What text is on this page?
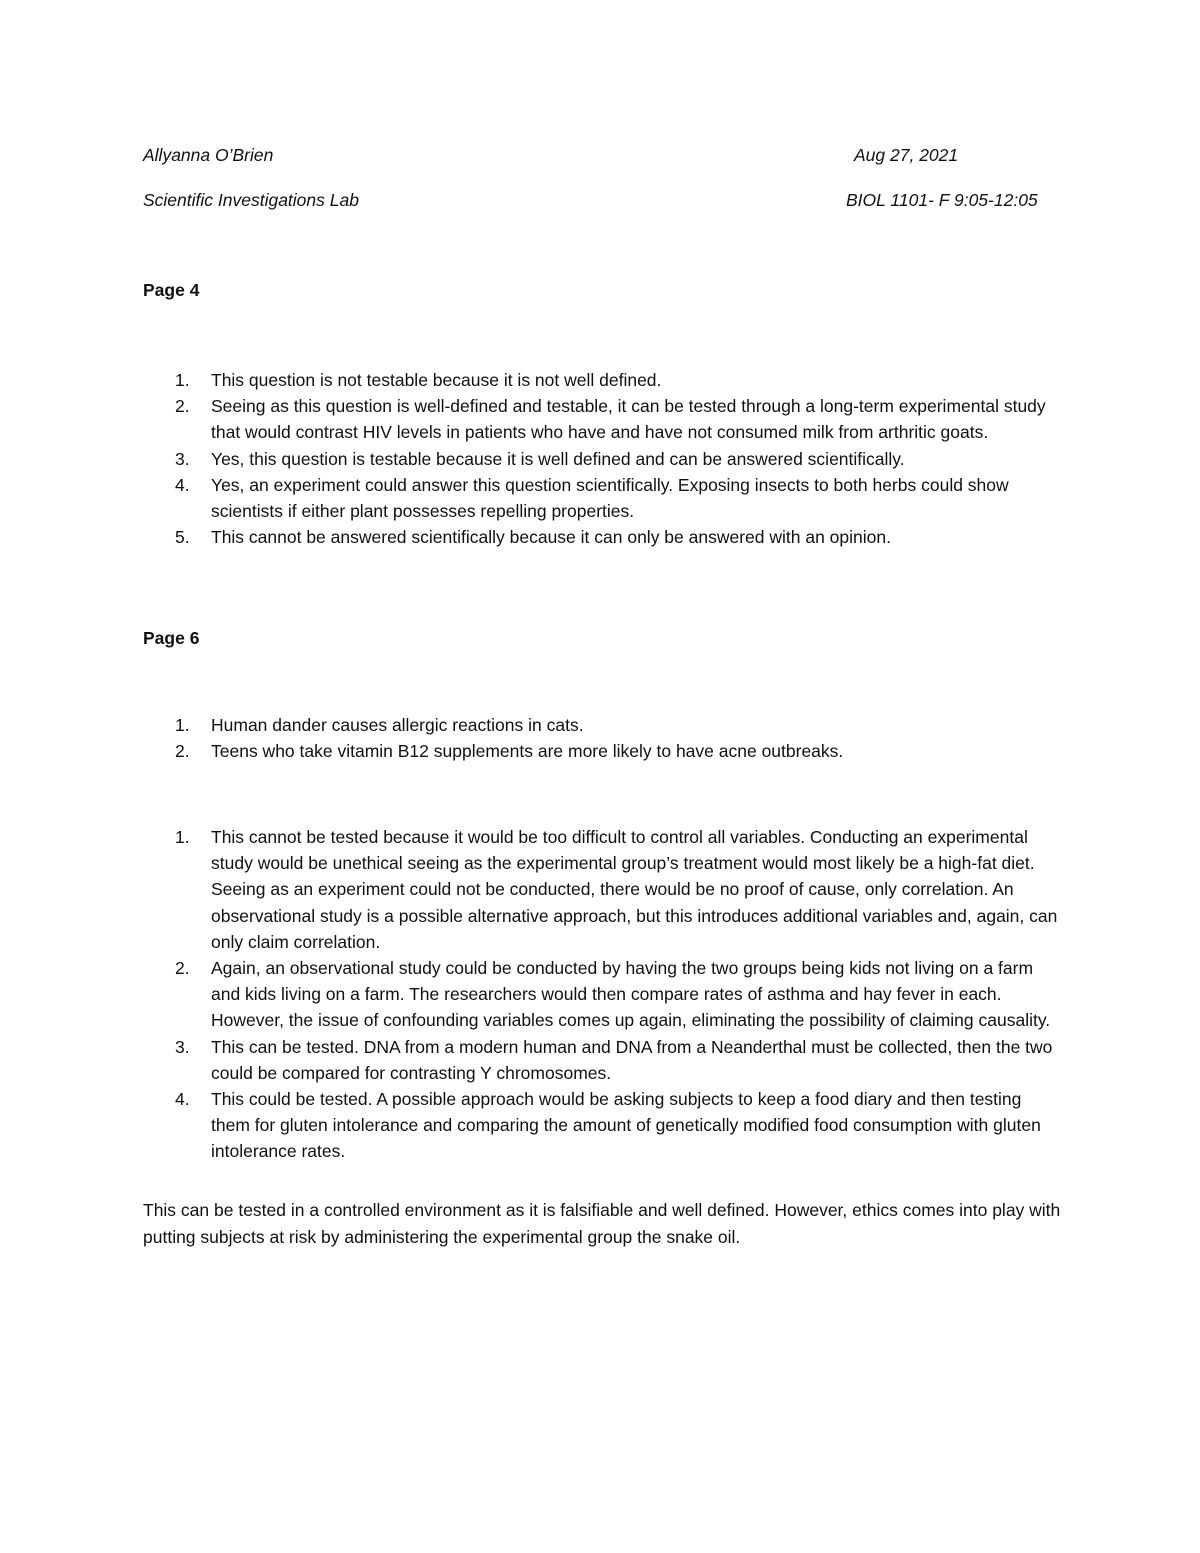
Allyanna O’Brien	Aug 27, 2021
Scientific Investigations Lab	BIOL 1101- F 9:05-12:05
Page 4
1. This question is not testable because it is not well defined.
2. Seeing as this question is well-defined and testable, it can be tested through a long-term experimental study that would contrast HIV levels in patients who have and have not consumed milk from arthritic goats.
3. Yes, this question is testable because it is well defined and can be answered scientifically.
4. Yes, an experiment could answer this question scientifically. Exposing insects to both herbs could show scientists if either plant possesses repelling properties.
5. This cannot be answered scientifically because it can only be answered with an opinion.
Page 6
1. Human dander causes allergic reactions in cats.
2. Teens who take vitamin B12 supplements are more likely to have acne outbreaks.
1. This cannot be tested because it would be too difficult to control all variables. Conducting an experimental study would be unethical seeing as the experimental group’s treatment would most likely be a high-fat diet. Seeing as an experiment could not be conducted, there would be no proof of cause, only correlation. An observational study is a possible alternative approach, but this introduces additional variables and, again, can only claim correlation.
2. Again, an observational study could be conducted by having the two groups being kids not living on a farm and kids living on a farm. The researchers would then compare rates of asthma and hay fever in each. However, the issue of confounding variables comes up again, eliminating the possibility of claiming causality.
3. This can be tested. DNA from a modern human and DNA from a Neanderthal must be collected, then the two could be compared for contrasting Y chromosomes.
4. This could be tested. A possible approach would be asking subjects to keep a food diary and then testing them for gluten intolerance and comparing the amount of genetically modified food consumption with gluten intolerance rates.
This can be tested in a controlled environment as it is falsifiable and well defined. However, ethics comes into play with putting subjects at risk by administering the experimental group the snake oil.
